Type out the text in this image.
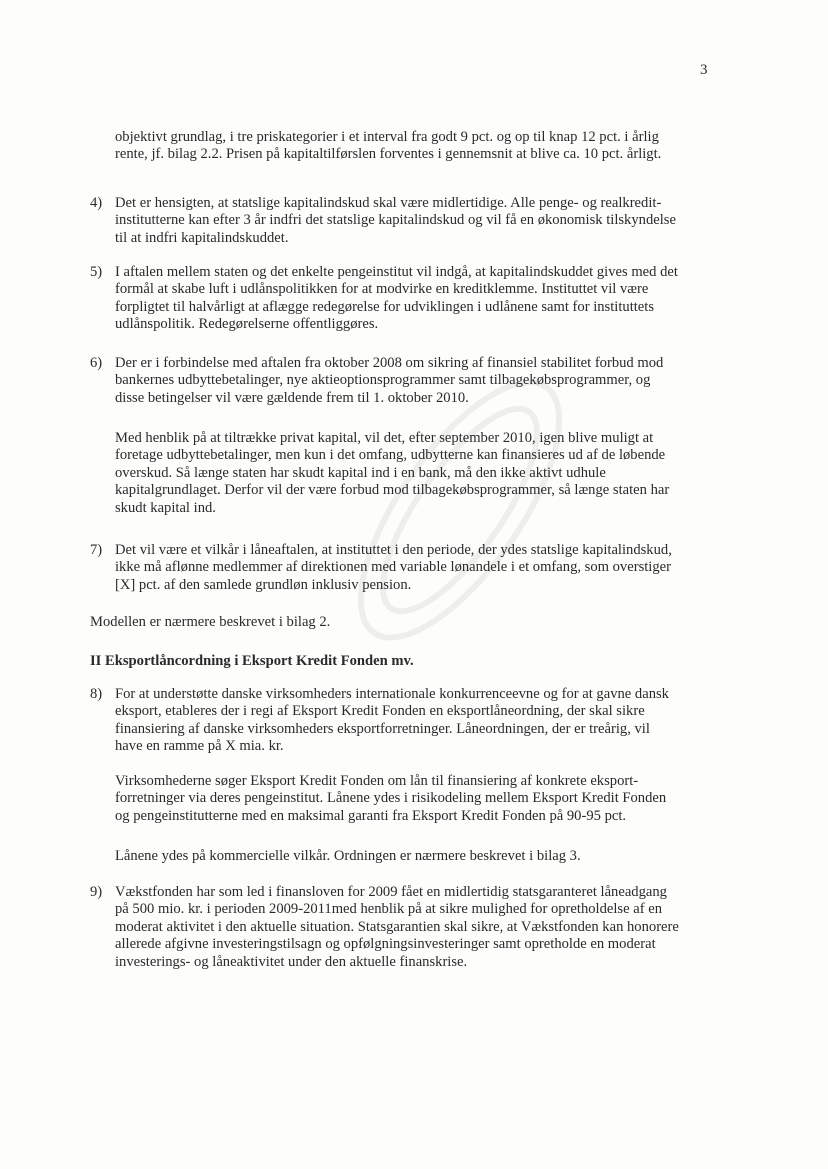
3
objektivt grundlag, i tre priskategorier i et interval fra godt 9 pct. og op til knap 12 pct. i årlig
rente, jf. bilag 2.2. Prisen på kapitaltilførslen forventes i gennemsnit at blive ca. 10 pct. årligt.
4) Det er hensigten, at statslige kapitalindskud skal være midlertidige. Alle penge- og realkredit-
institutterne kan efter 3 år indfri det statslige kapitalindskud og vil få en økonomisk tilskyndelse
til at indfri kapitalindskuddet.
5) I aftalen mellem staten og det enkelte pengeinstitut vil indgå, at kapitalindskuddet gives med det
formål at skabe luft i udlånspolitikken for at modvirke en kreditklemme. Instituttet vil være
forpligtet til halvårligt at aflægge redegørelse for udviklingen i udlånene samt for instituttets
udlånspolitik. Redegørelserne offentliggøres.
6) Der er i forbindelse med aftalen fra oktober 2008 om sikring af finansiel stabilitet forbud mod
bankernes udbyttebetalinger, nye aktieoptionsprogrammer samt tilbagekøbsprogrammer, og
disse betingelser vil være gældende frem til 1. oktober 2010.
Med henblik på at tiltrække privat kapital, vil det, efter september 2010, igen blive muligt at
foretage udbyttebetalinger, men kun i det omfang, udbytterne kan finansieres ud af de løbende
overskud. Så længe staten har skudt kapital ind i en bank, må den ikke aktivt udhule
kapitalgrundlaget. Derfor vil der være forbud mod tilbagekøbsprogrammer, så længe staten har
skudt kapital ind.
7) Det vil være et vilkår i låneaftalen, at instituttet i den periode, der ydes statslige kapitalindskud,
ikke må aflønne medlemmer af direktionen med variable lønandele i et omfang, som overstiger
[X] pct. af den samlede grundløn inklusiv pension.
Modellen er nærmere beskrevet i bilag 2.
II Eksportlåncordning i Eksport Kredit Fonden mv.
8) For at understøtte danske virksomheders internationale konkurrenceevne og for at gavne dansk
eksport, etableres der i regi af Eksport Kredit Fonden en eksportlåneordning, der skal sikre
finansiering af danske virksomheders eksportforretninger. Låneordningen, der er treårig, vil
have en ramme på X mia. kr.
Virksomhederne søger Eksport Kredit Fonden om lån til finansiering af konkrete eksport-
forretninger via deres pengeinstitut. Lånene ydes i risikodeling mellem Eksport Kredit Fonden
og pengeinstitutterne med en maksimal garanti fra Eksport Kredit Fonden på 90-95 pct.
Lånene ydes på kommercielle vilkår. Ordningen er nærmere beskrevet i bilag 3.
9) Vækstfonden har som led i finansloven for 2009 fået en midlertidig statsgaranteret låneadgang
på 500 mio. kr. i perioden 2009-2011med henblik på at sikre mulighed for opretholdelse af en
moderat aktivitet i den aktuelle situation. Statsgarantien skal sikre, at Vækstfonden kan honorere
allerede afgivne investeringstilsagn og opfølgningsinvesteringer samt opretholde en moderat
investerings- og låneaktivitet under den aktuelle finanskrise.
